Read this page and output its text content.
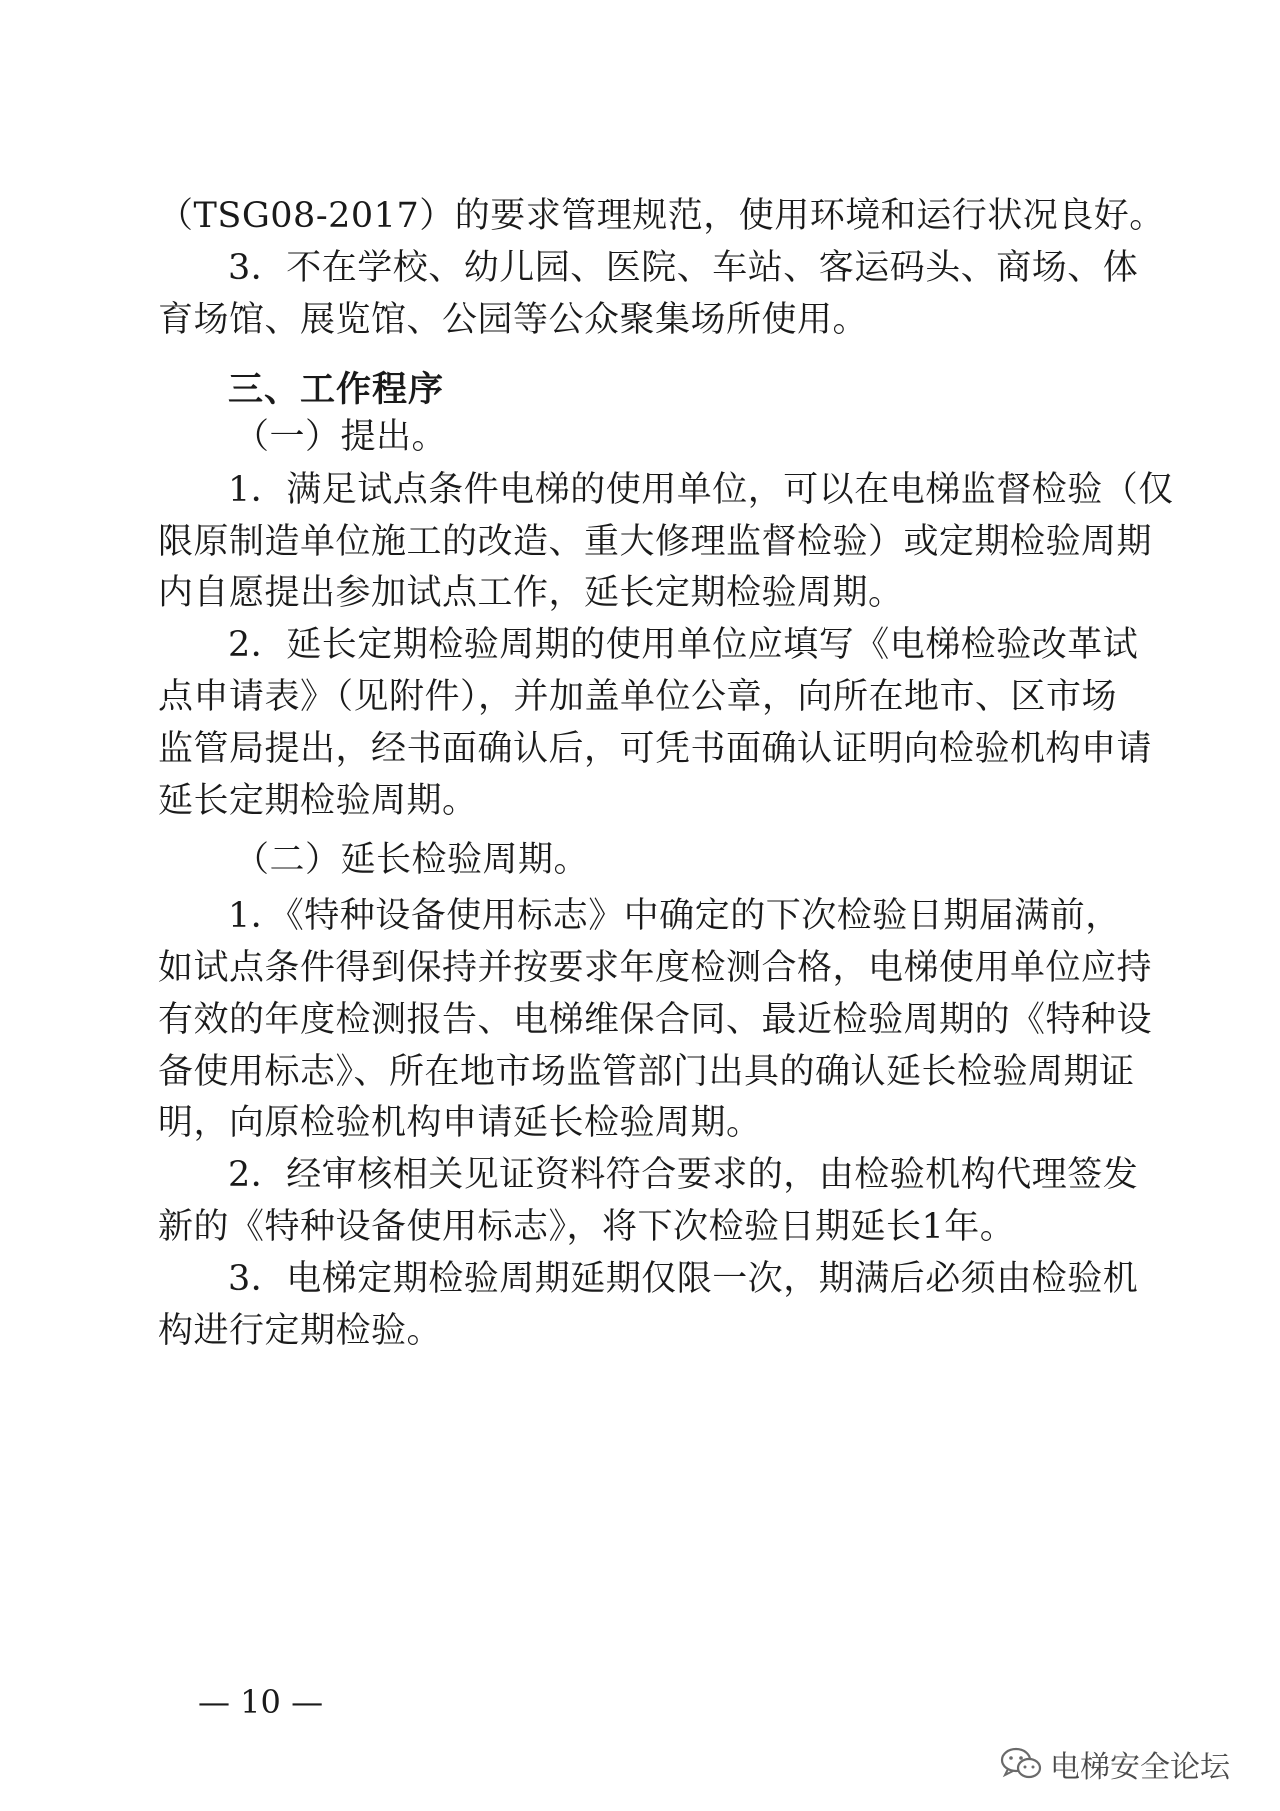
（TSG08-2017）的要求管理规范，使用环境和运行状况良好。
3．不在学校、幼儿园、医院、车站、客运码头、商场、体
育场馆、展览馆、公园等公众聚集场所使用。
三、工作程序
（一）提出。
1．满足试点条件电梯的使用单位，可以在电梯监督检验（仅
限原制造单位施工的改造、重大修理监督检验）或定期检验周期
内自愿提出参加试点工作，延长定期检验周期。
2．延长定期检验周期的使用单位应填写《电梯检验改革试
点申请表》（见附件），并加盖单位公章，向所在地市、区市场
监管局提出，经书面确认后，可凭书面确认证明向检验机构申请
延长定期检验周期。
（二）延长检验周期。
1．《特种设备使用标志》中确定的下次检验日期届满前，
如试点条件得到保持并按要求年度检测合格，电梯使用单位应持
有效的年度检测报告、电梯维保合同、最近检验周期的《特种设
备使用标志》、所在地市场监管部门出具的确认延长检验周期证
明，向原检验机构申请延长检验周期。
2．经审核相关见证资料符合要求的，由检验机构代理签发
新的《特种设备使用标志》，将下次检验日期延长1年。
3．电梯定期检验周期延期仅限一次，期满后必须由检验机
构进行定期检验。
— 10 —
电梯安全论坛
